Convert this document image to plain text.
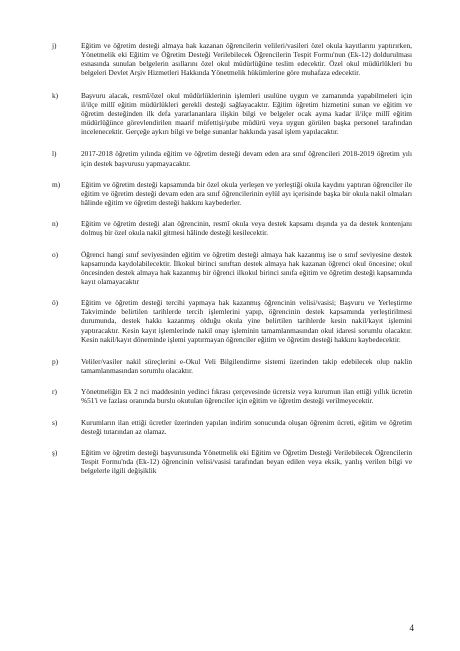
j)	Eğitim ve öğretim desteği almaya hak kazanan öğrencilerin velileri/vasileri özel okula kayıtlarını yaptırırken, Yönetmelik eki Eğitim ve Öğretim Desteği Verilebilecek Öğrencilerin Tespit Formu'nun (Ek-12) doldurulması esnasında sunulan belgelerin asıllarını özel okul müdürlüğüne teslim edecektir. Özel okul müdürlükleri bu belgeleri Devlet Arşiv Hizmetleri Hakkında Yönetmelik hükümlerine göre muhafaza edecektir.
k)	Başvuru alacak, resmî/özel okul müdürlüklerinin işlemleri usulüne uygun ve zamanında yapabilmeleri için il/ilçe millî eğitim müdürlükleri gerekli desteği sağlayacaktır. Eğitim öğretim hizmetini sunan ve eğitim ve öğretim desteğinden ilk defa yararlananlara ilişkin bilgi ve belgeler ocak ayına kadar il/ilçe millî eğitim müdürlüğünce görevlendirilen maarif müfettişi/şube müdürü veya uygun görülen başka personel tarafından incelenecektir. Gerçeğe aykırı bilgi ve belge sunanlar hakkında yasal işlem yapılacaktır.
l)	2017-2018 öğretim yılında eğitim ve öğretim desteği devam eden ara sınıf öğrencileri 2018-2019 öğretim yılı için destek başvurusu yapmayacaktır.
m)	Eğitim ve öğretim desteği kapsamında bir özel okula yerleşen ve yerleştiği okula kaydını yaptıran öğrenciler ile eğitim ve öğretim desteği devam eden ara sınıf öğrencilerinin eylül ayı içerisinde başka bir okula nakil olmaları hâlinde eğitim ve öğretim desteği hakkını kaybederler.
n)	Eğitim ve öğretim desteği alan öğrencinin, resmî okula veya destek kapsamı dışında ya da destek kontenjanı dolmuş bir özel okula nakil gitmesi hâlinde desteği kesilecektir.
o)	Öğrenci hangi sınıf seviyesinden eğitim ve öğretim desteği almaya hak kazanmış ise o sınıf seviyesine destek kapsamında kaydolabilecektir. İlkokul birinci sınıftan destek almaya hak kazanan öğrenci okul öncesine; okul öncesinden destek almaya hak kazanmış bir öğrenci ilkokul birinci sınıfa eğitim ve öğretim desteği kapsamında kayıt olamayacaktır
ö)	Eğitim ve öğretim desteği tercihi yapmaya hak kazanmış öğrencinin velisi/vasisi; Başvuru ve Yerleştirme Takviminde belirtilen tarihlerde tercih işlemlerini yapıp, öğrencinin destek kapsamında yerleştirilmesi durumunda, destek hakkı kazanmış olduğu okula yine belirtilen tarihlerde kesin nakil/kayıt işlemini yaptıracaktır. Kesin kayıt işlemlerinde nakil onay işleminin tamamlanmasından okul idaresi sorumlu olacaktır. Kesin nakil/kayıt döneminde işlemi yaptırmayan öğrenciler eğitim ve öğretim desteği hakkını kaybedecektir.
p)	Veliler/vasiler nakil süreçlerini e-Okul Veli Bilgilendirme sistemi üzerinden takip edebilecek olup naklin tamamlanmasından sorumlu olacaktır.
r)	Yönetmeliğin Ek 2 nci maddesinin yedinci fıkrası çerçevesinde ücretsiz veya kurumun ilan ettiği yıllık ücretin %51'i ve fazlası oranında burslu okutulan öğrenciler için eğitim ve öğretim desteği verilmeyecektir.
s)	Kurumların ilan ettiği ücretler üzerinden yapılan indirim sonucunda oluşan öğrenim ücreti, eğitim ve öğretim desteği tutarından az olamaz.
ş)	Eğitim ve öğretim desteği başvurusunda Yönetmelik eki Eğitim ve Öğretim Desteği Verilebilecek Öğrencilerin Tespit Formu'nda (Ek-12) öğrencinin velisi/vasisi tarafından beyan edilen veya eksik, yanlış verilen bilgi ve belgelerle ilgili değişiklik
4
